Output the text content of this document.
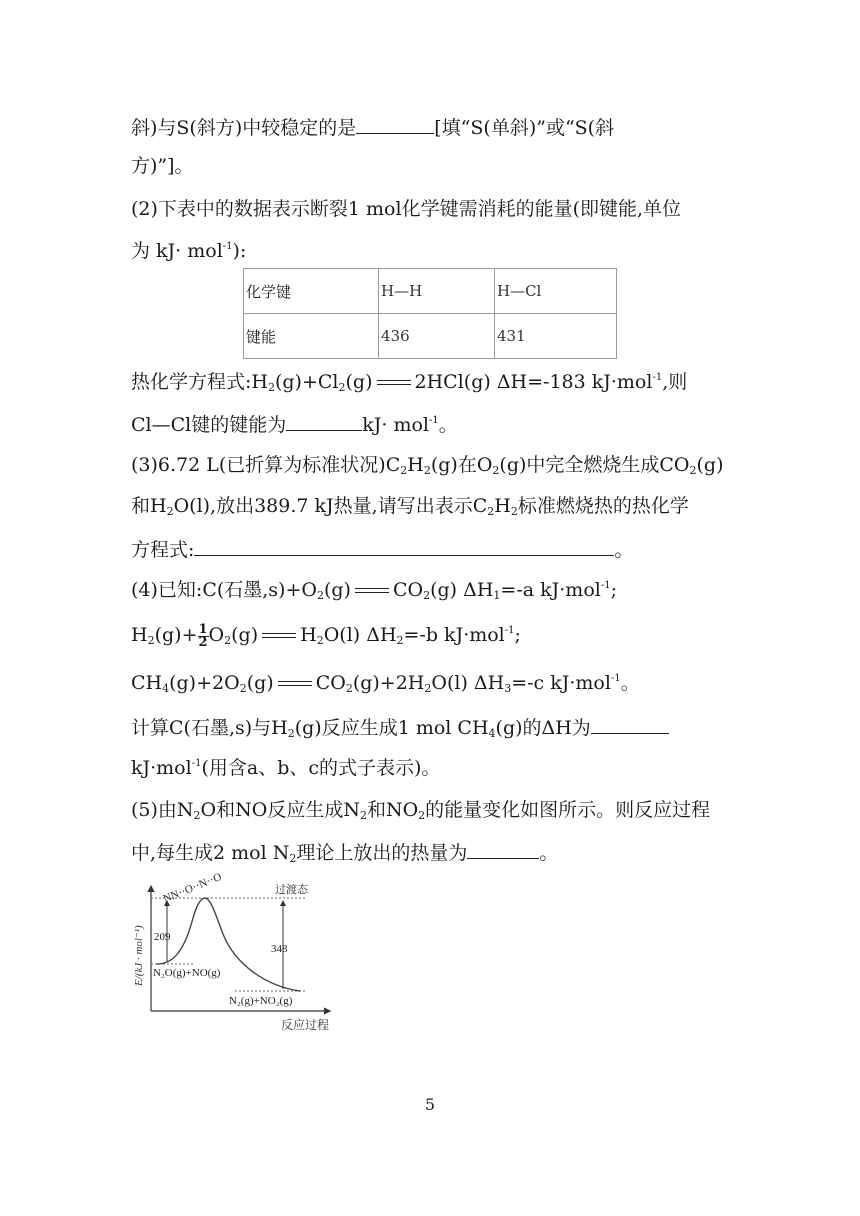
斜)与S(斜方)中较稳定的是	[填“S(单斜)”或“S(斜
方)”]。
(2)下表中的数据表示断裂1 mol化学键需消耗的能量(即键能,单位
为 kJ· mol$^{-1}$):
化学键	H—H	H—Cl
键能	436	431
热化学方程式$:H_2(g)+Cl_2(g)$ 2HCl(g) ΔH=-183 kJ·mol$^{-1}$,则
Cl—Cl键的键能为	kJ· mol$^{-1}$。
(3)6.72 L(已折算为标准状况)$C_2H_2(g)$在$O_2(g)$中完全燃烧生成$CO_2(g)$
和$H_2O(l)$,放出389.7 kJ热量,请写出表示$C_2H_2$标准燃烧热的热化学
方程式:	。
(4)已知:C(石墨$,s)+O_2(g)$ $CO_2(g)$ $\Delta H_1=-a$ kJ·mol$^{-1}$;
$H_2(g)+ \frac{1}{2} O_2(g)$ $H_2O(l)$ $\Delta H_2=-b$ kJ·mol$^{-1}$;
$CH_4(g)+2O_2(g)$ $CO_2(g)+2H_2O(l)$ $\Delta H_3=-c$ kJ·mol$^{-1}$。
计算C(石墨,s)与$H_2(g)$反应生成1 mol $CH_4(g)$的ΔH为
kJ·mol$^{-1}$(用含a、b、c的式子表示)。
(5)由$N_2O$和NO反应生成$N_2$和$NO_2$的能量变化如图所示。则反应过程
中,每生成2 mol $N_2$理论上放出的热量为	。
E/(kJ · mol⁻¹)
反应过程
209
348
过渡态
NN··O··N··O
N₂O(g)+NO(g)
N₂(g)+NO₂(g)
5
